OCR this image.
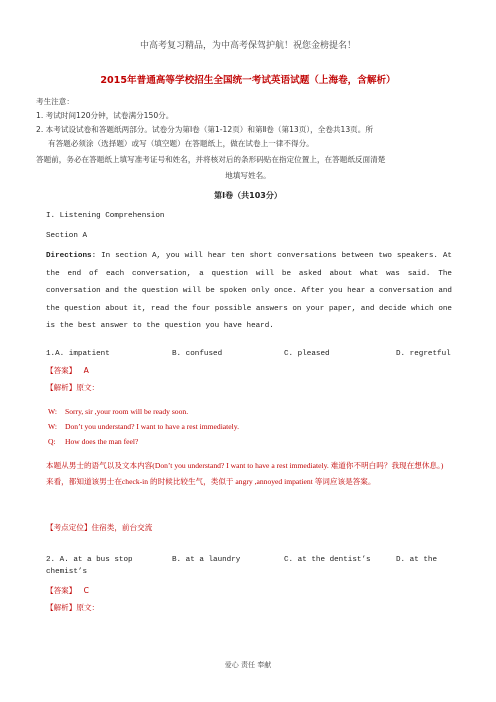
中高考复习精品，为中高考保驾护航！祝您金榜提名！
2015年普通高等学校招生全国统一考试英语试题（上海卷，含解析）
考生注意：
1. 考试时间120分钟，试卷满分150分。
2. 本考试设试卷和答题纸两部分。试卷分为第Ⅰ卷（第1-12页）和第Ⅱ卷（第13页），全卷共13页。所
有答题必须涂（选择题）或写（填空题）在答题纸上，做在试卷上一律不得分。
答题前，务必在答题纸上填写准考证号和姓名，并将核对后的条形码贴在指定位置上，在答题纸反面清楚
地填写姓名。
第Ⅰ卷（共103分）
I. Listening Comprehension
Section A
Directions: In section A, you will hear ten short conversations between two speakers. At the end of each conversation, a question will be asked about what was said. The conversation and the question will be spoken only once. After you hear a conversation and the question about it, read the four possible answers on your paper, and decide which one is the best answer to the question you have heard.
1.A. impatient	B. confused	C. pleased	D. regretful
【答案】 A
【解析】原文：
W: Sorry, sir ,your room will be ready soon.
W: Don’t you understand? I want to have a rest immediately.
Q: How does the man feel?
本题从男士的语气以及文本内容(Don’t you understand? I want to have a rest immediately. 难道你不明白吗？我现在想休息。)来看，都知道该男士在check-in 的时候比较生气，类似于 angry ,annoyed impatient 等词应该是答案。
【考点定位】住宿类，前台交流
2. A. at a bus stop	B. at a laundry	C. at the dentist’s	D. at the
chemist’s
【答案】 C
【解析】原文：
爱心 责任 奉献
